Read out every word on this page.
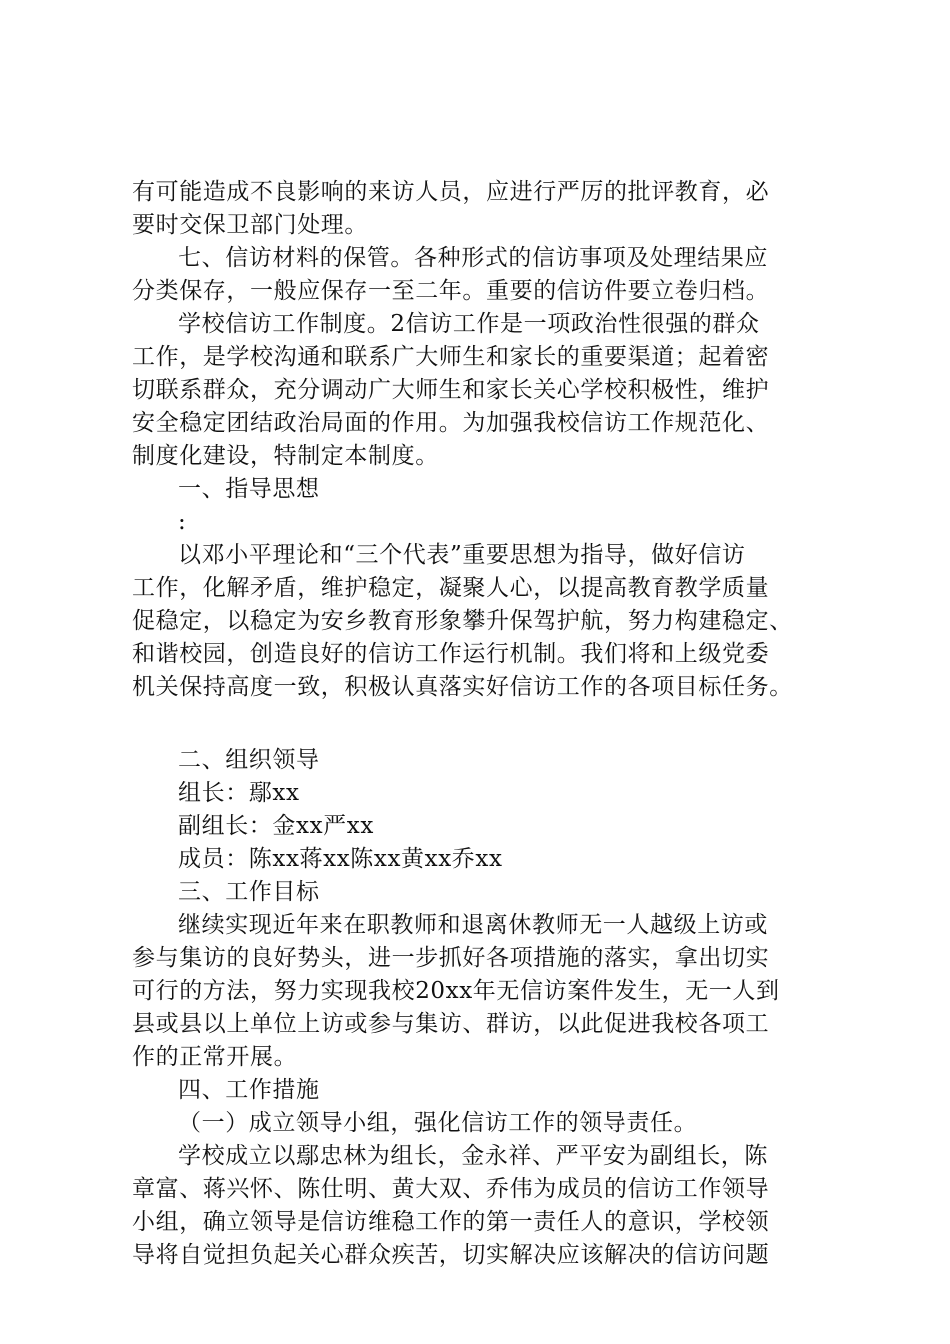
有可能造成不良影响的来访人员，应进行严厉的批评教育，必
要时交保卫部门处理。
七、信访材料的保管。各种形式的信访事项及处理结果应
分类保存，一般应保存一至二年。重要的信访件要立卷归档。
学校信访工作制度。2信访工作是一项政治性很强的群众
工作，是学校沟通和联系广大师生和家长的重要渠道；起着密
切联系群众，充分调动广大师生和家长关心学校积极性，维护
安全稳定团结政治局面的作用。为加强我校信访工作规范化、
制度化建设，特制定本制度。
一、指导思想
:
以邓小平理论和“三个代表”重要思想为指导，做好信访
工作，化解矛盾，维护稳定，凝聚人心，以提高教育教学质量
促稳定，以稳定为安乡教育形象攀升保驾护航，努力构建稳定、
和谐校园，创造良好的信访工作运行机制。我们将和上级党委
机关保持高度一致，积极认真落实好信访工作的各项目标任务。
二、组织领导
组长：鄢xx
副组长：金xx严xx
成员：陈xx蒋xx陈xx黄xx乔xx
三、工作目标
继续实现近年来在职教师和退离休教师无一人越级上访或
参与集访的良好势头，进一步抓好各项措施的落实，拿出切实
可行的方法，努力实现我校20xx年无信访案件发生，无一人到
县或县以上单位上访或参与集访、群访，以此促进我校各项工
作的正常开展。
四、工作措施
（一）成立领导小组，强化信访工作的领导责任。
学校成立以鄢忠林为组长，金永祥、严平安为副组长，陈
章富、蒋兴怀、陈仕明、黄大双、乔伟为成员的信访工作领导
小组，确立领导是信访维稳工作的第一责任人的意识，学校领
导将自觉担负起关心群众疾苦，切实解决应该解决的信访问题
